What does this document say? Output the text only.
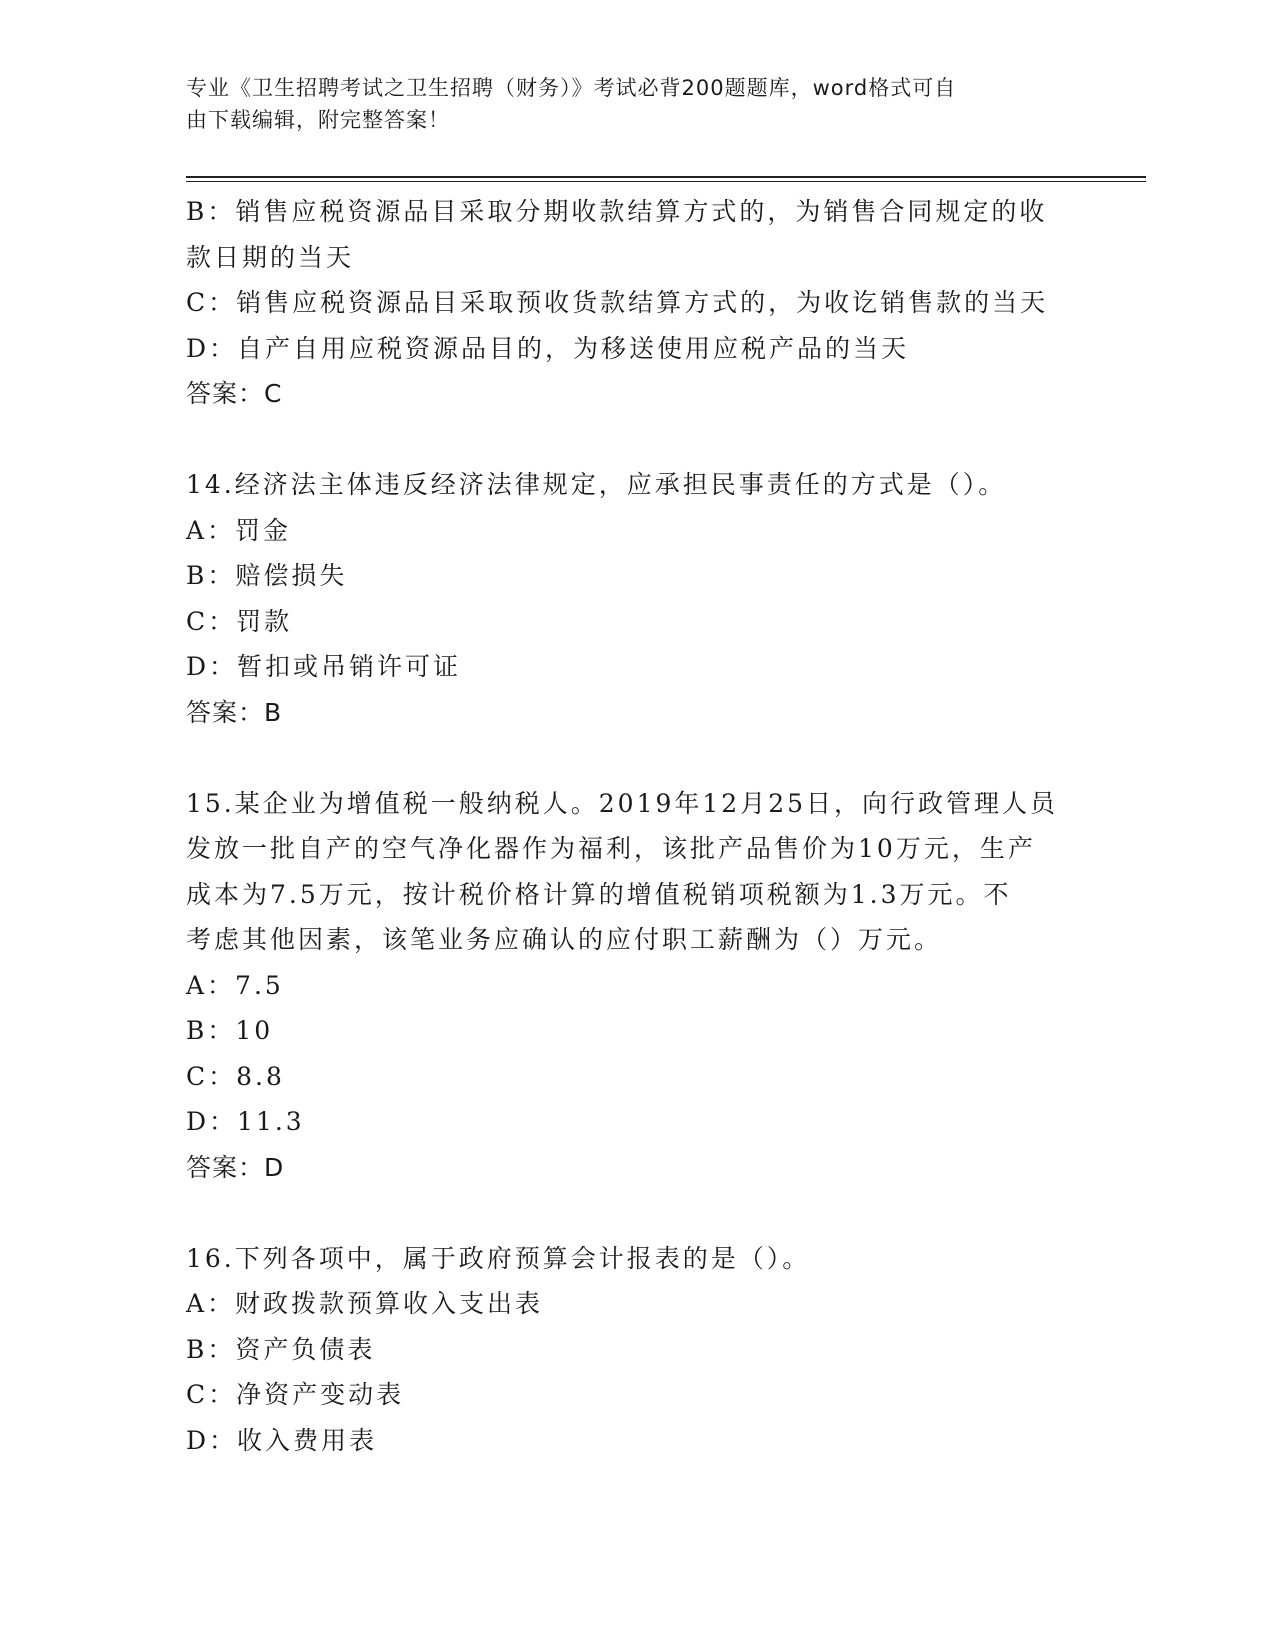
专业《卫生招聘考试之卫生招聘（财务）》考试必背200题题库，word格式可自
由下载编辑，附完整答案！
B：销售应税资源品目采取分期收款结算方式的，为销售合同规定的收
款日期的当天
C：销售应税资源品目采取预收货款结算方式的，为收讫销售款的当天
D：自产自用应税资源品目的，为移送使用应税产品的当天
答案：C
14.经济法主体违反经济法律规定，应承担民事责任的方式是（）。
A：罚金
B：赔偿损失
C：罚款
D：暂扣或吊销许可证
答案：B
15.某企业为增值税一般纳税人。2019年12月25日，向行政管理人员
发放一批自产的空气净化器作为福利，该批产品售价为10万元，生产
成本为7.5万元，按计税价格计算的增值税销项税额为1.3万元。不
考虑其他因素，该笔业务应确认的应付职工薪酬为（）万元。
A：7.5
B：10
C：8.8
D：11.3
答案：D
16.下列各项中，属于政府预算会计报表的是（）。
A：财政拨款预算收入支出表
B：资产负债表
C：净资产变动表
D：收入费用表
